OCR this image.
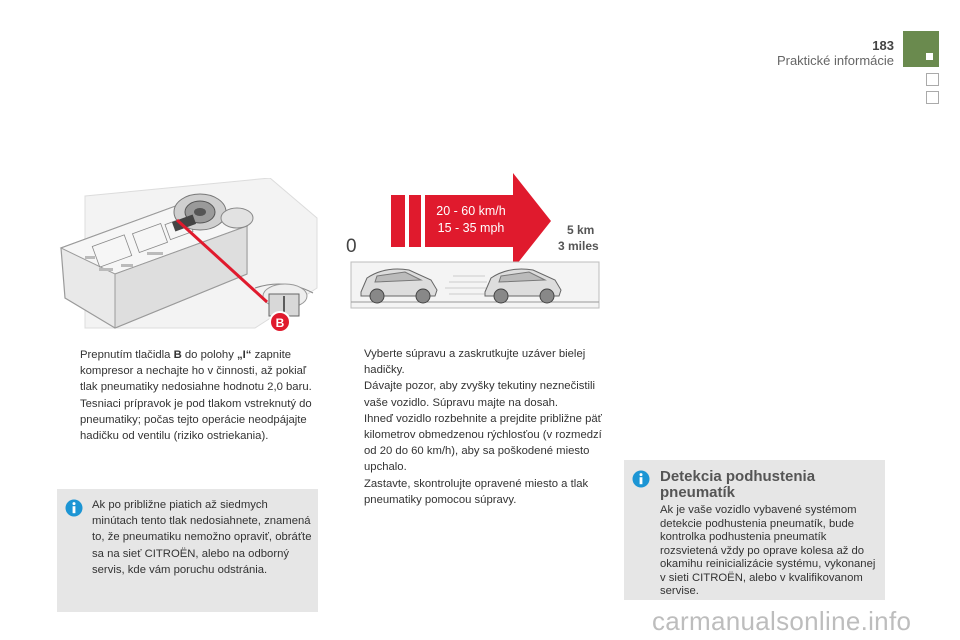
183
Praktické informácie
B
20 - 60 km/h
15 - 35 mph
0
5 km
3 miles
Prepnutím tlačidla B do polohy „I“ zapnite kompresor a nechajte ho v činnosti, až pokiaľ tlak pneumatiky nedosiahne hodnotu 2,0 baru.
Tesniaci prípravok je pod tlakom vstreknutý do pneumatiky; počas tejto operácie neodpájajte hadičku od ventilu (riziko ostriekania).
Ak po približne piatich až siedmych minútach tento tlak nedosiahnete, znamená to, že pneumatiku nemožno opraviť, obráťte sa na sieť CITROËN, alebo na odborný servis, kde vám poruchu odstránia.
Vyberte súpravu a zaskrutkujte uzáver bielej hadičky.
Dávajte pozor, aby zvyšky tekutiny neznečistili vaše vozidlo. Súpravu majte na dosah.
Ihneď vozidlo rozbehnite a prejdite približne päť kilometrov obmedzenou rýchlosťou (v rozmedzí od 20 do 60 km/h), aby sa poškodené miesto upchalo.
Zastavte, skontrolujte opravené miesto a tlak pneumatiky pomocou súpravy.
Detekcia podhustenia pneumatík
Ak je vaše vozidlo vybavené systémom detekcie podhustenia pneumatík, bude kontrolka podhustenia pneumatík rozsvietená vždy po oprave kolesa až do okamihu reinicializácie systému, vykonanej v sieti CITROËN, alebo v kvalifikovanom servise.
carmanualsonline.info
